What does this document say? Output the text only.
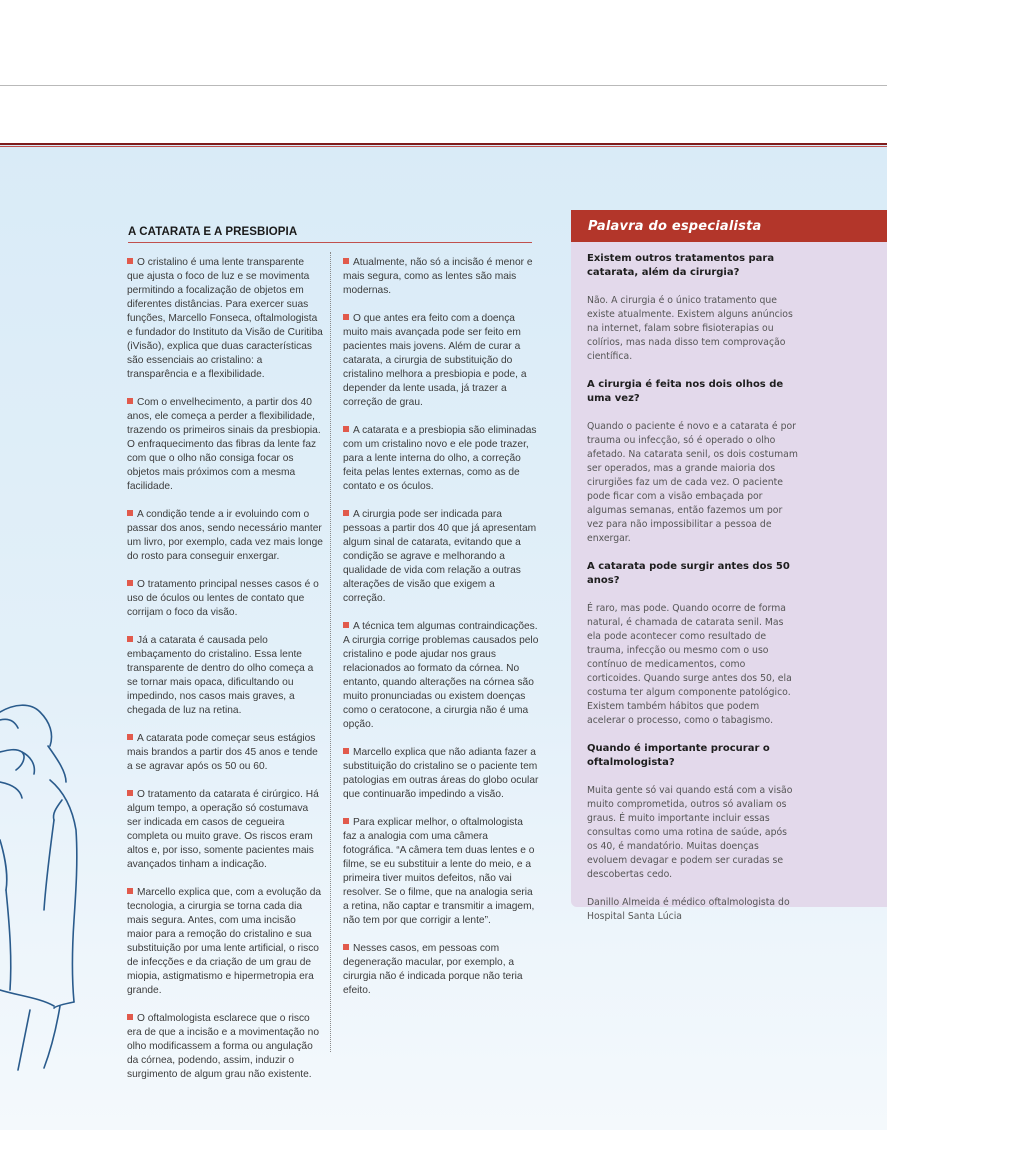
A CATARATA E A PRESBIOPIA

O cristalino é uma lente transparente que ajusta o foco de luz e se movimenta permitindo a focalização de objetos em diferentes distâncias. Para exercer suas funções, Marcello Fonseca, oftalmologista e fundador do Instituto da Visão de Curitiba (iVisão), explica que duas características são essenciais ao cristalino: a transparência e a flexibilidade.

Com o envelhecimento, a partir dos 40 anos, ele começa a perder a flexibilidade, trazendo os primeiros sinais da presbiopia. O enfraquecimento das fibras da lente faz com que o olho não consiga focar os objetos mais próximos com a mesma facilidade.

A condição tende a ir evoluindo com o passar dos anos, sendo necessário manter um livro, por exemplo, cada vez mais longe do rosto para conseguir enxergar.

O tratamento principal nesses casos é o uso de óculos ou lentes de contato que corrijam o foco da visão.

Já a catarata é causada pelo embaçamento do cristalino. Essa lente transparente de dentro do olho começa a se tornar mais opaca, dificultando ou impedindo, nos casos mais graves, a chegada de luz na retina.

A catarata pode começar seus estágios mais brandos a partir dos 45 anos e tende a se agravar após os 50 ou 60.

O tratamento da catarata é cirúrgico. Há algum tempo, a operação só costumava ser indicada em casos de cegueira completa ou muito grave. Os riscos eram altos e, por isso, somente pacientes mais avançados tinham a indicação.

Marcello explica que, com a evolução da tecnologia, a cirurgia se torna cada dia mais segura. Antes, com uma incisão maior para a remoção do cristalino e sua substituição por uma lente artificial, o risco de infecções e da criação de um grau de miopia, astigmatismo e hipermetropia era grande.

O oftalmologista esclarece que o risco era de que a incisão e a movimentação no olho modificassem a forma ou angulação da córnea, podendo, assim, induzir o surgimento de algum grau não existente.

Atualmente, não só a incisão é menor e mais segura, como as lentes são mais modernas.

O que antes era feito com a doença muito mais avançada pode ser feito em pacientes mais jovens. Além de curar a catarata, a cirurgia de substituição do cristalino melhora a presbiopia e pode, a depender da lente usada, já trazer a correção de grau.

A catarata e a presbiopia são eliminadas com um cristalino novo e ele pode trazer, para a lente interna do olho, a correção feita pelas lentes externas, como as de contato e os óculos.

A cirurgia pode ser indicada para pessoas a partir dos 40 que já apresentam algum sinal de catarata, evitando que a condição se agrave e melhorando a qualidade de vida com relação a outras alterações de visão que exigem a correção.

A técnica tem algumas contraindicações. A cirurgia corrige problemas causados pelo cristalino e pode ajudar nos graus relacionados ao formato da córnea. No entanto, quando alterações na córnea são muito pronunciadas ou existem doenças como o ceratocone, a cirurgia não é uma opção.

Marcello explica que não adianta fazer a substituição do cristalino se o paciente tem patologias em outras áreas do globo ocular que continuarão impedindo a visão.

Para explicar melhor, o oftalmologista faz a analogia com uma câmera fotográfica. “A câmera tem duas lentes e o filme, se eu substituir a lente do meio, e a primeira tiver muitos defeitos, não vai resolver. Se o filme, que na analogia seria a retina, não captar e transmitir a imagem, não tem por que corrigir a lente”.

Nesses casos, em pessoas com degeneração macular, por exemplo, a cirurgia não é indicada porque não teria efeito.

Palavra do especialista

Existem outros tratamentos para catarata, além da cirurgia?

Não. A cirurgia é o único tratamento que existe atualmente. Existem alguns anúncios na internet, falam sobre fisioterapias ou colírios, mas nada disso tem comprovação científica.

A cirurgia é feita nos dois olhos de uma vez?

Quando o paciente é novo e a catarata é por trauma ou infecção, só é operado o olho afetado. Na catarata senil, os dois costumam ser operados, mas a grande maioria dos cirurgiões faz um de cada vez. O paciente pode ficar com a visão embaçada por algumas semanas, então fazemos um por vez para não impossibilitar a pessoa de enxergar.

A catarata pode surgir antes dos 50 anos?

É raro, mas pode. Quando ocorre de forma natural, é chamada de catarata senil. Mas ela pode acontecer como resultado de trauma, infecção ou mesmo com o uso contínuo de medicamentos, como corticoides. Quando surge antes dos 50, ela costuma ter algum componente patológico. Existem também hábitos que podem acelerar o processo, como o tabagismo.

Quando é importante procurar o oftalmologista?

Muita gente só vai quando está com a visão muito comprometida, outros só avaliam os graus. É muito importante incluir essas consultas como uma rotina de saúde, após os 40, é mandatório. Muitas doenças evoluem devagar e podem ser curadas se descobertas cedo.

Danillo Almeida é médico oftalmologista do Hospital Santa Lúcia
